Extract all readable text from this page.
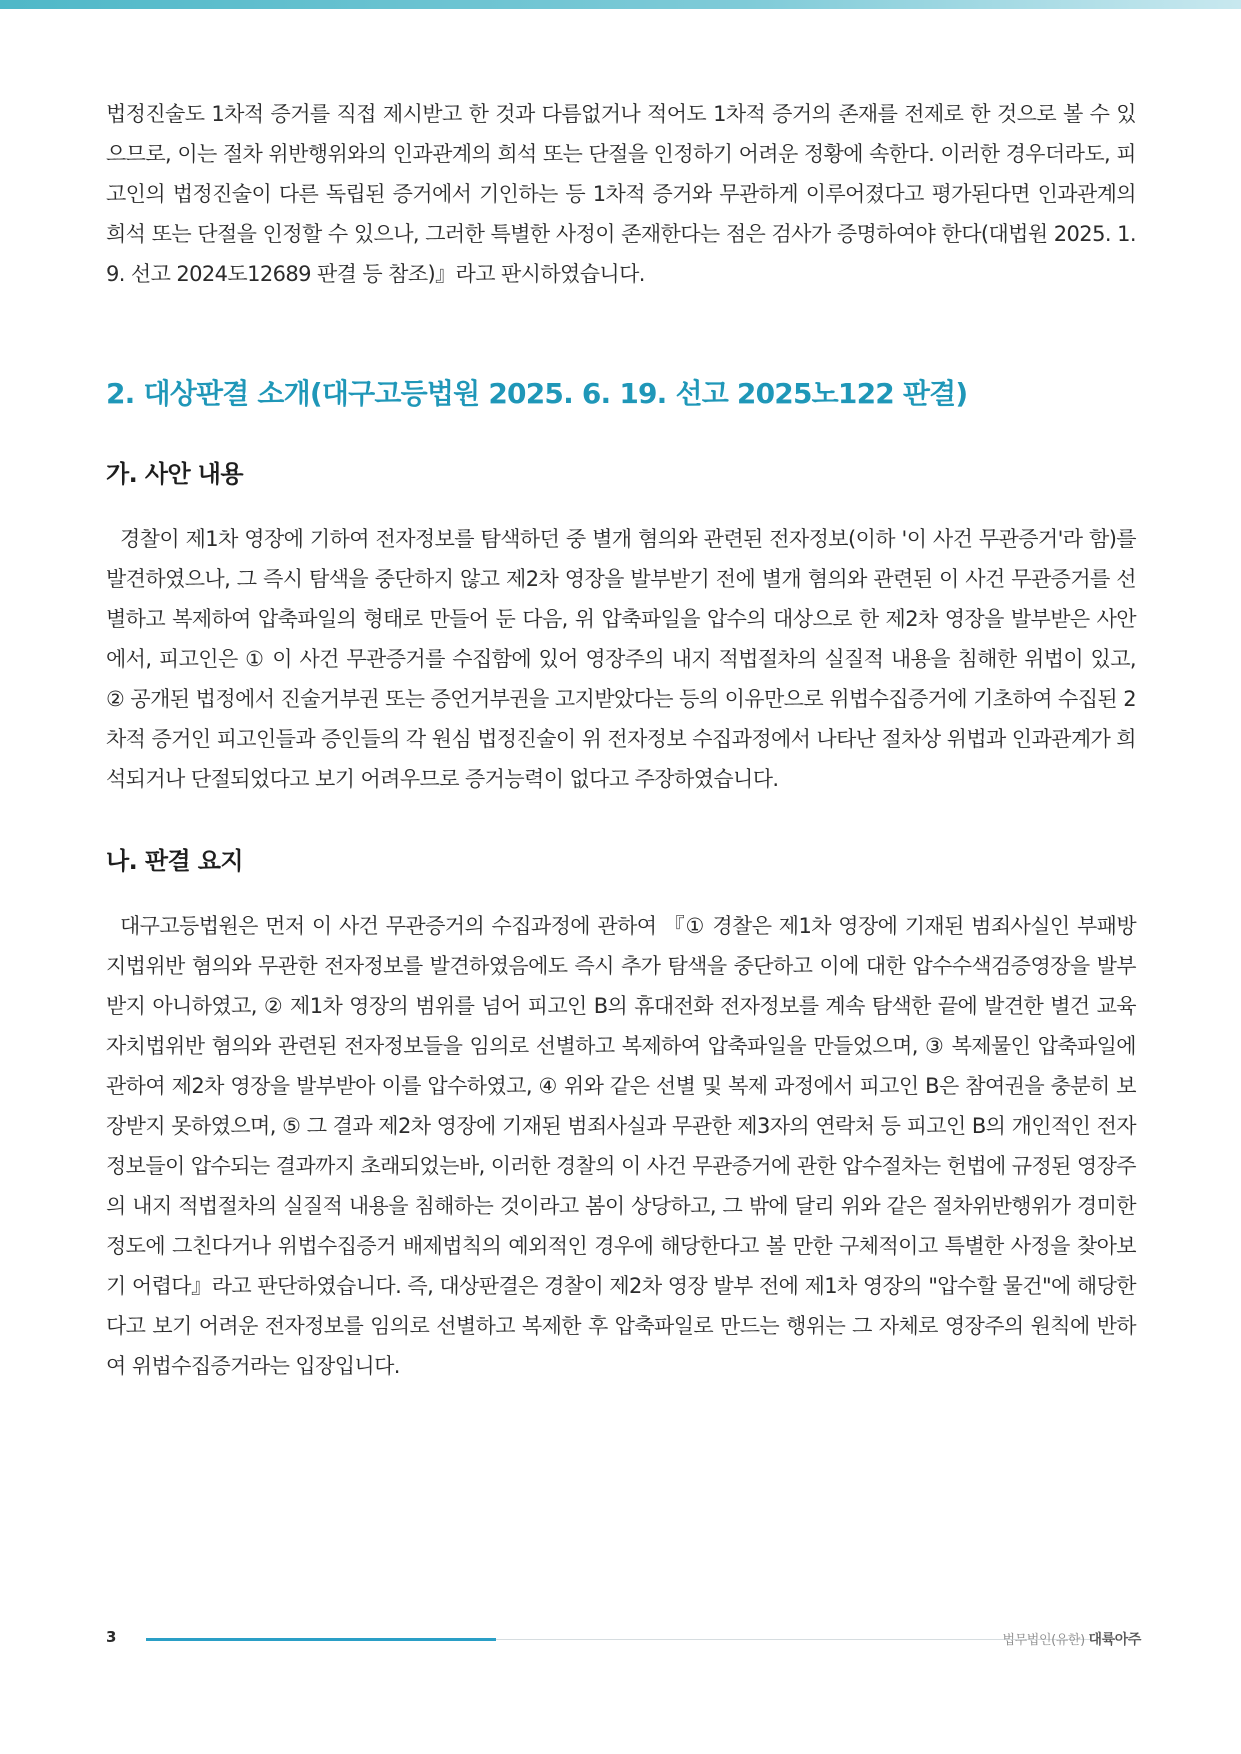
법정진술도 1차적 증거를 직접 제시받고 한 것과 다름없거나 적어도 1차적 증거의 존재를 전제로 한 것으로 볼 수 있으므로, 이는 절차 위반행위와의 인과관계의 희석 또는 단절을 인정하기 어려운 정황에 속한다. 이러한 경우더라도, 피고인의 법정진술이 다른 독립된 증거에서 기인하는 등 1차적 증거와 무관하게 이루어졌다고 평가된다면 인과관계의 희석 또는 단절을 인정할 수 있으나, 그러한 특별한 사정이 존재한다는 점은 검사가 증명하여야 한다(대법원 2025. 1. 9. 선고 2024도12689 판결 등 참조)』라고 판시하였습니다.

2. 대상판결 소개(대구고등법원 2025. 6. 19. 선고 2025노122 판결)
가. 사안 내용

경찰이 제1차 영장에 기하여 전자정보를 탐색하던 중 별개 혐의와 관련된 전자정보(이하 '이 사건 무관증거'라 함)를 발견하였으나, 그 즉시 탐색을 중단하지 않고 제2차 영장을 발부받기 전에 별개 혐의와 관련된 이 사건 무관증거를 선별하고 복제하여 압축파일의 형태로 만들어 둔 다음, 위 압축파일을 압수의 대상으로 한 제2차 영장을 발부받은 사안에서, 피고인은 ① 이 사건 무관증거를 수집함에 있어 영장주의 내지 적법절차의 실질적 내용을 침해한 위법이 있고, ② 공개된 법정에서 진술거부권 또는 증언거부권을 고지받았다는 등의 이유만으로 위법수집증거에 기초하여 수집된 2차적 증거인 피고인들과 증인들의 각 원심 법정진술이 위 전자정보 수집과정에서 나타난 절차상 위법과 인과관계가 희석되거나 단절되었다고 보기 어려우므로 증거능력이 없다고 주장하였습니다.

나. 판결 요지

대구고등법원은 먼저 이 사건 무관증거의 수집과정에 관하여 『① 경찰은 제1차 영장에 기재된 범죄사실인 부패방지법위반 혐의와 무관한 전자정보를 발견하였음에도 즉시 추가 탐색을 중단하고 이에 대한 압수수색검증영장을 발부받지 아니하였고, ② 제1차 영장의 범위를 넘어 피고인 B의 휴대전화 전자정보를 계속 탐색한 끝에 발견한 별건 교육자치법위반 혐의와 관련된 전자정보들을 임의로 선별하고 복제하여 압축파일을 만들었으며, ③ 복제물인 압축파일에 관하여 제2차 영장을 발부받아 이를 압수하였고, ④ 위와 같은 선별 및 복제 과정에서 피고인 B은 참여권을 충분히 보장받지 못하였으며, ⑤ 그 결과 제2차 영장에 기재된 범죄사실과 무관한 제3자의 연락처 등 피고인 B의 개인적인 전자정보들이 압수되는 결과까지 초래되었는바, 이러한 경찰의 이 사건 무관증거에 관한 압수절차는 헌법에 규정된 영장주의 내지 적법절차의 실질적 내용을 침해하는 것이라고 봄이 상당하고, 그 밖에 달리 위와 같은 절차위반행위가 경미한 정도에 그친다거나 위법수집증거 배제법칙의 예외적인 경우에 해당한다고 볼 만한 구체적이고 특별한 사정을 찾아보기 어렵다』라고 판단하였습니다. 즉, 대상판결은 경찰이 제2차 영장 발부 전에 제1차 영장의 "압수할 물건"에 해당한다고 보기 어려운 전자정보를 임의로 선별하고 복제한 후 압축파일로 만드는 행위는 그 자체로 영장주의 원칙에 반하여 위법수집증거라는 입장입니다.

3	법무법인(유한) 대륙아주
